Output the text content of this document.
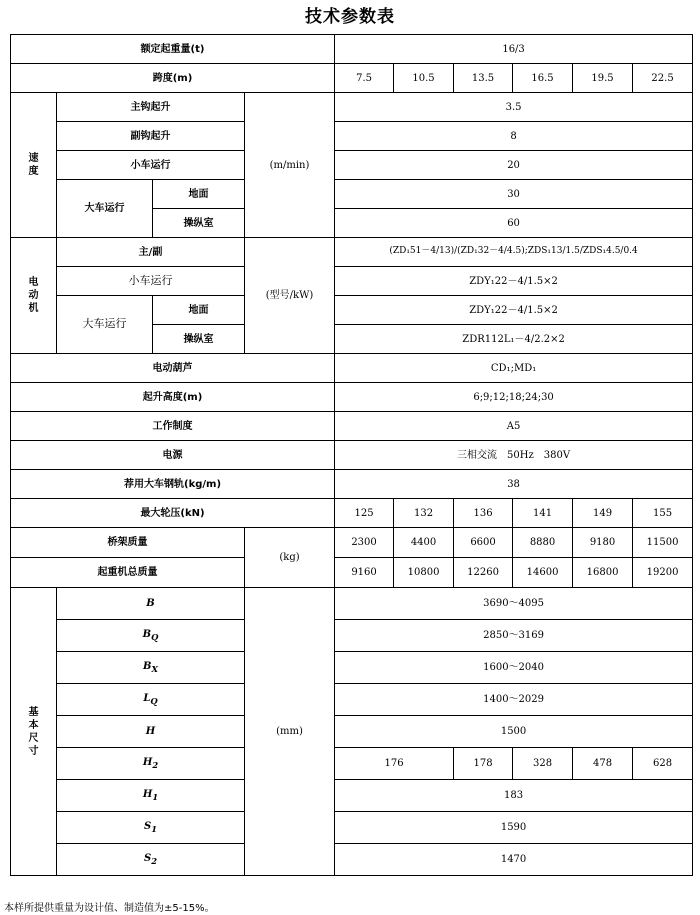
技术参数表
额定起重量(t)				16/3					
跨度(m)				7.5	10.5	13.5	16.5	19.5	22.5
速度	主钩起升		(m/min)	3.5					
	副钩起升			8					
	小车运行			20					
	大车运行	地面		30					
		操纵室		60					
电动机	主/副		(型号/kW)	(ZD₁51－4/13)/(ZD₁32－4/4.5);ZDS₁13/1.5/ZDS₁4.5/0.4					
	小车运行			ZDY₁22－4/1.5×2					
	大车运行	地面		ZDY₁22－4/1.5×2					
		操纵室		ZDR112L₁－4/2.2×2					
电动葫芦				CD₁;MD₁					
起升高度(m)				6;9;12;18;24;30					
工作制度				A5					
电源				三相交流　50Hz　380V					
荐用大车钢轨(kg/m)				38					
最大轮压(kN)				125	132	136	141	149	155
桥架质量			(kg)	2300	4400	6600	8880	9180	11500
起重机总质量				9160	10800	12260	14600	16800	19200
基本尺寸	B		(mm)	3690～4095					
	$B_Q$			2850～3169					
	$B_X$			1600～2040					
	$L_Q$			1400～2029					
	H			1500					
	$H_2$			176		178	328	478	628
	$H_1$			183					
	$S_1$			1590					
	$S_2$			1470					
本样所提供重量为设计值、制造值为±5-15%。
